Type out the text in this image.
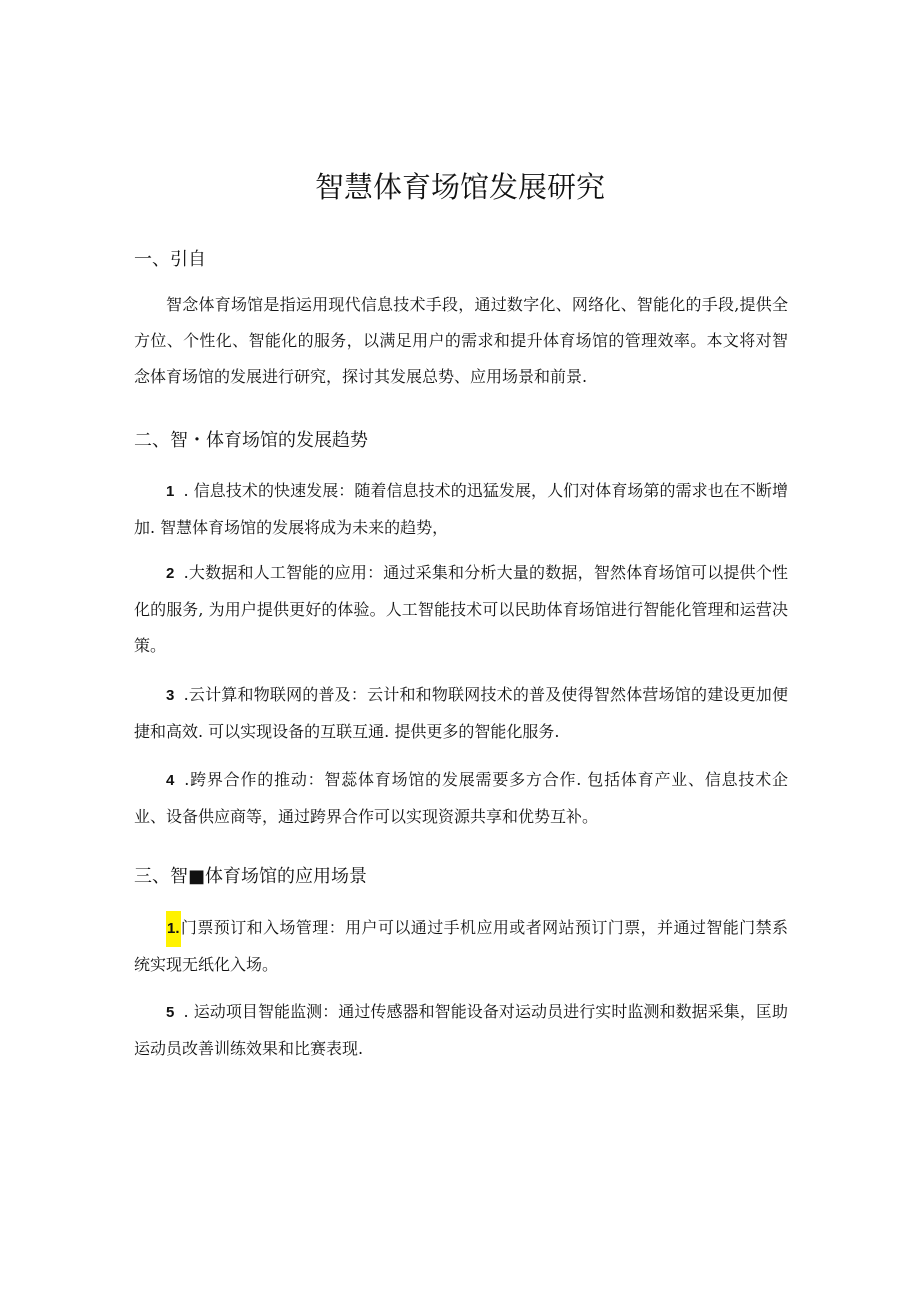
智慧体育场馆发展研究
一、引自

智念体育场馆是指运用现代信息技术手段，通过数字化、网络化、智能化的手段,提供全方位、个性化、智能化的服务，以满足用户的需求和提升体育场馆的管理效率。本文将对智念体育场馆的发展进行研究，探讨其发展总势、应用场景和前景.

二、智・体育场馆的发展趋势

1 . 信息技术的快速发展：随着信息技术的迅猛发展，人们对体育场第的需求也在不断增加. 智慧体育场馆的发展将成为未来的趋势，

2 .大数据和人工智能的应用：通过采集和分析大量的数据，智然体育场馆可以提供个性化的服务, 为用户提供更好的体验。人工智能技术可以民助体育场馆进行智能化管理和运营决策。

3 .云计算和物联网的普及：云计和和物联网技术的普及使得智然体营场馆的建设更加便捷和高效. 可以实现设备的互联互通. 提供更多的智能化服务.

4 .跨界合作的推动：智蕊体育场馆的发展需要多方合作. 包括体育产业、信息技术企业、设备供应商等，通过跨界合作可以实现资源共享和优势互补。

三、智■体育场馆的应用场景

1.门票预订和入场管理：用户可以通过手机应用或者网站预订门票，并通过智能门禁系统实现无纸化入场。

5 . 运动项目智能监测：通过传感器和智能设备对运动员进行实时监测和数据采集，匡助运动员改善训练效果和比赛表现.
